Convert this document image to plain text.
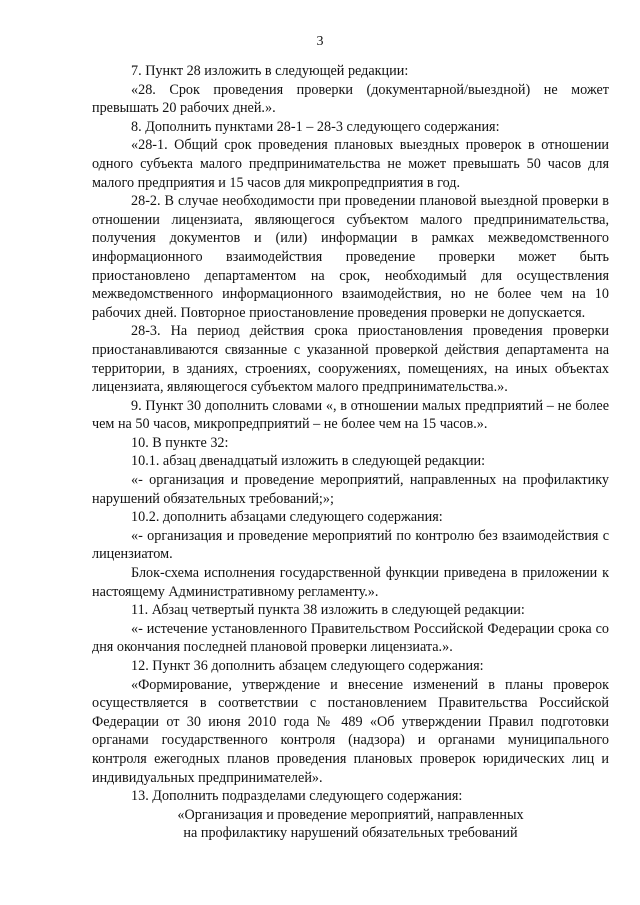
3

7. Пункт 28 изложить в следующей редакции:

«28. Срок проведения проверки (документарной/выездной) не может превышать 20 рабочих дней.».

8. Дополнить пунктами 28-1 – 28-3 следующего содержания:

«28-1. Общий срок проведения плановых выездных проверок в отношении одного субъекта малого предпринимательства не может превышать 50 часов для малого предприятия и 15 часов для микропредприятия в год.

28-2. В случае необходимости при проведении плановой выездной проверки в отношении лицензиата, являющегося субъектом малого предпринимательства, получения документов и (или) информации в рамках межведомственного информационного взаимодействия проведение проверки может быть приостановлено департаментом на срок, необходимый для осуществления межведомственного информационного взаимодействия, но не более чем на 10 рабочих дней. Повторное приостановление проведения проверки не допускается.

28-3. На период действия срока приостановления проведения проверки приостанавливаются связанные с указанной проверкой действия департамента на территории, в зданиях, строениях, сооружениях, помещениях, на иных объектах лицензиата, являющегося субъектом малого предпринимательства.».

9. Пункт 30 дополнить словами «, в отношении малых предприятий – не более чем на 50 часов, микропредприятий – не более чем на 15 часов.».

10. В пункте 32:

10.1. абзац двенадцатый изложить в следующей редакции:

«- организация и проведение мероприятий, направленных на профилактику нарушений обязательных требований;»;

10.2. дополнить абзацами следующего содержания:

«- организация и проведение мероприятий по контролю без взаимодействия с лицензиатом.

Блок-схема исполнения государственной функции приведена в приложении к настоящему Административному регламенту.».

11. Абзац четвертый пункта 38 изложить в следующей редакции:

«- истечение установленного Правительством Российской Федерации срока со дня окончания последней плановой проверки лицензиата.».

12. Пункт 36 дополнить абзацем следующего содержания:

«Формирование, утверждение и внесение изменений в планы проверок осуществляется в соответствии с постановлением Правительства Российской Федерации от 30 июня 2010 года № 489 «Об утверждении Правил подготовки органами государственного контроля (надзора) и органами муниципального контроля ежегодных планов проведения плановых проверок юридических лиц и индивидуальных предпринимателей».

13. Дополнить подразделами следующего содержания:

«Организация и проведение мероприятий, направленных

на профилактику нарушений обязательных требований
